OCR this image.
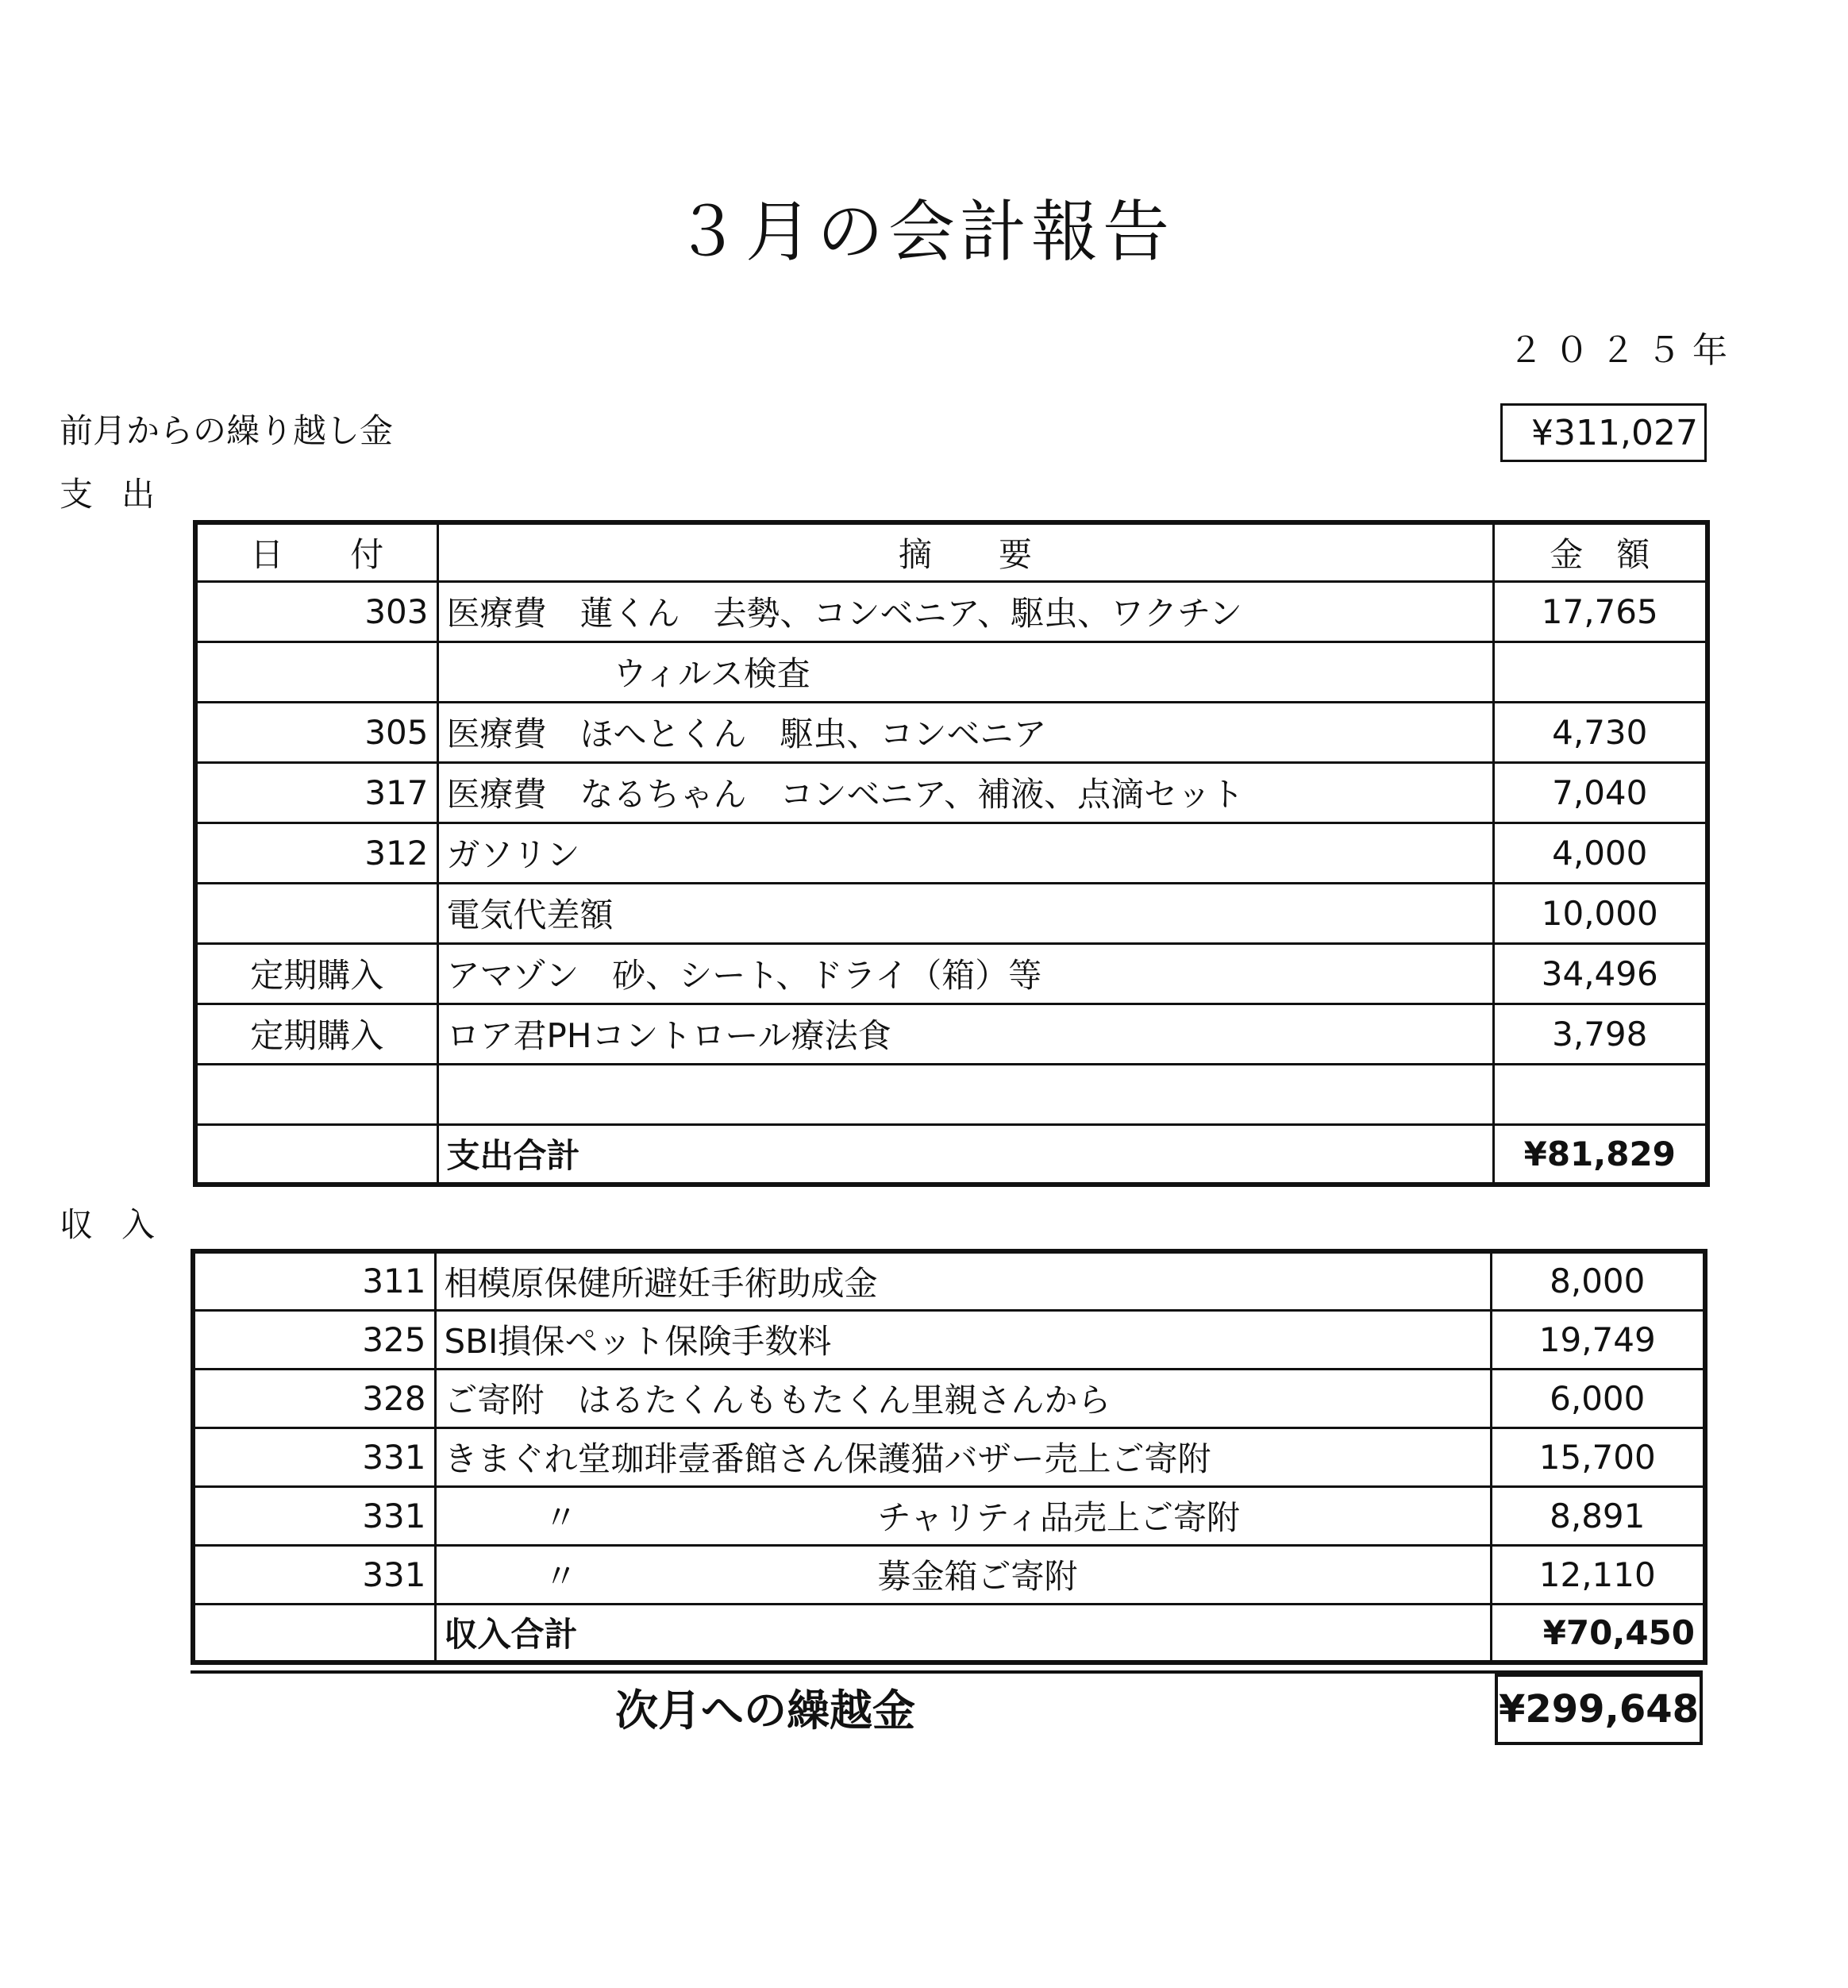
３月の会計報告
２０２５年
前月からの繰り越し金	¥311,027
支出
日　　付	摘　　要	金　額
303	医療費　蓮くん　去勢、コンベニア、駆虫、ワクチン	17,765
	　　　　　ウィルス検査	
305	医療費　ほへとくん　駆虫、コンベニア	4,730
317	医療費　なるちゃん　コンベニア、補液、点滴セット	7,040
312	ガソリン	4,000
	電気代差額	10,000
定期購入	アマゾン　砂、シート、ドライ（箱）等	34,496
定期購入	ロア君PHコントロール療法食	3,798

	支出合計	¥81,829
収入
311	相模原保健所避妊手術助成金	8,000
325	SBI損保ペット保険手数料	19,749
328	ご寄附　はるたくんももたくん里親さんから	6,000
331	きまぐれ堂珈琲壹番館さん保護猫バザー売上ご寄附	15,700
331	　　　〃　　　　　　　　　チャリティ品売上ご寄附	8,891
331	　　　〃　　　　　　　　　募金箱ご寄附	12,110
	収入合計	¥70,450
次月への繰越金	¥299,648
